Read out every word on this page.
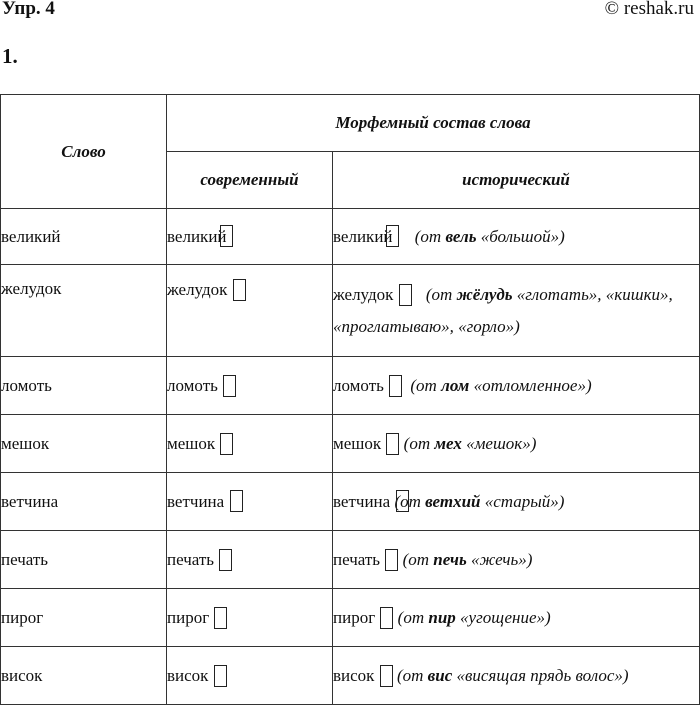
Упр. 4	© reshak.ru
1.
Слово	Морфемный состав слова	
	современный	исторический
великий	великий	великий (от вель «большой»)
желудок	желудок	желудок (от жёлудь «глотать», «кишки», «проглатываю», «горло»)
ломоть	ломоть	ломоть (от лом «отломленное»)
мешок	мешок	мешок (от мех «мешок»)
ветчина	ветчина	ветчина (от ветхий «старый»)
печать	печать	печать (от печь «жечь»)
пирог	пирог	пирог (от пир «угощение»)
висок	висок	висок (от вис «висящая прядь волос»)
